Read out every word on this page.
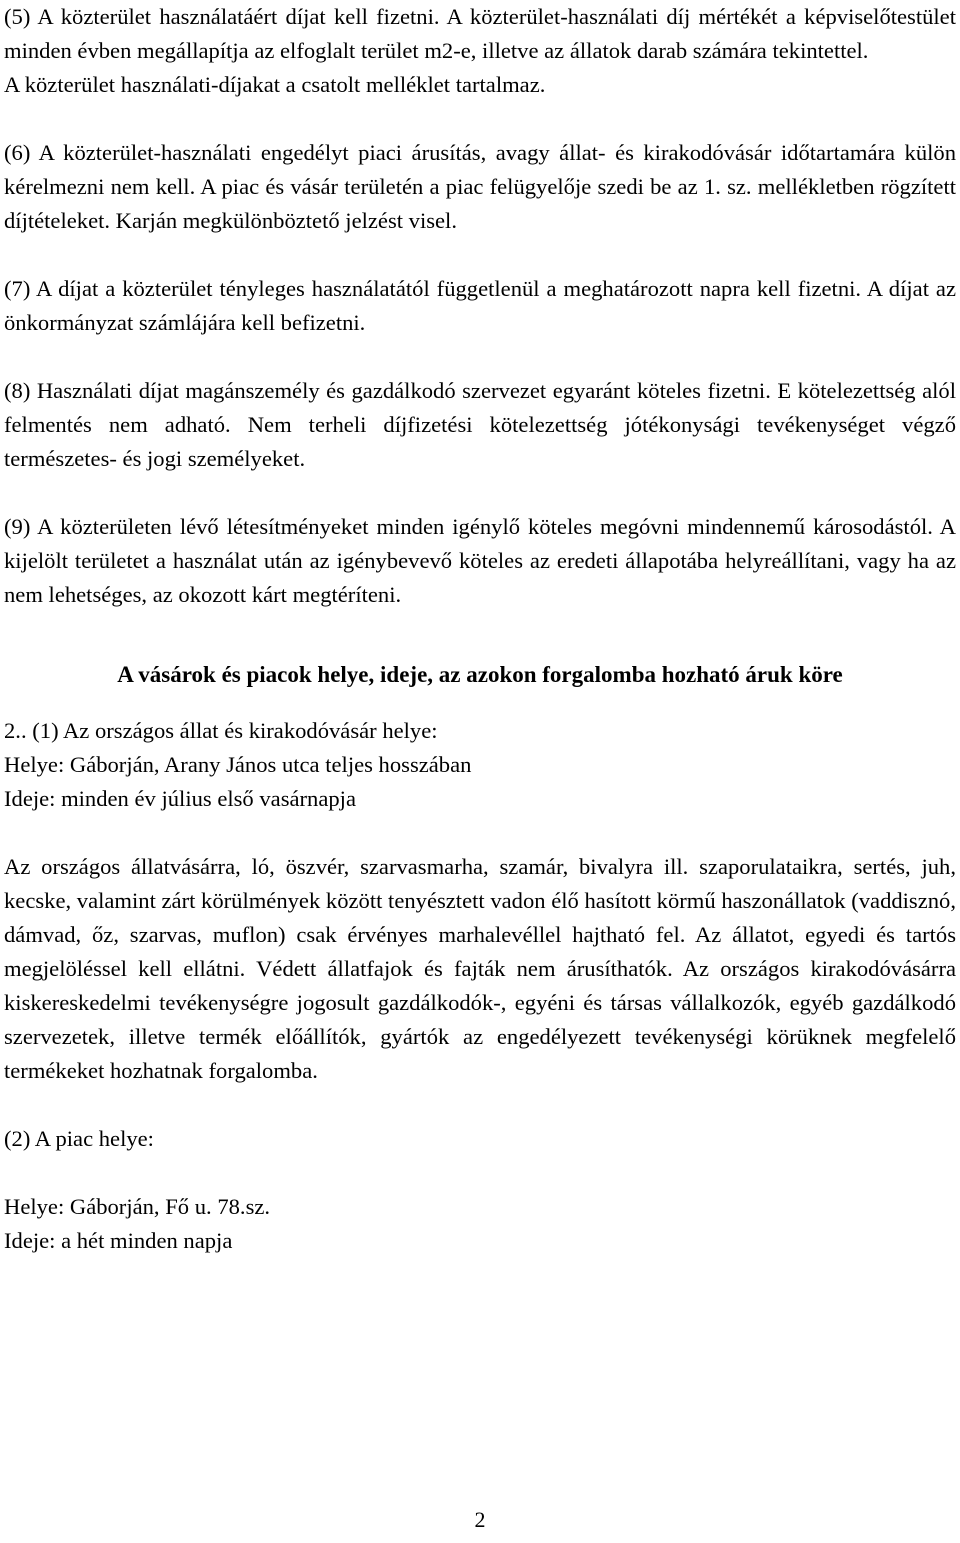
(5) A közterület használatáért díjat kell fizetni. A közterület-használati díj mértékét a képviselőtestület minden évben megállapítja az elfoglalt terület m2-e, illetve az állatok darab számára tekintettel.

A közterület használati-díjakat a csatolt melléklet tartalmaz.

(6) A közterület-használati engedélyt piaci árusítás, avagy állat- és kirakodóvásár időtartamára külön kérelmezni nem kell. A piac és vásár területén a piac felügyelője szedi be az 1. sz. mellékletben rögzített díjtételeket. Karján megkülönböztető jelzést visel.

(7) A díjat a közterület tényleges használatától függetlenül a meghatározott napra kell fizetni. A díjat az önkormányzat számlájára kell befizetni.

(8) Használati díjat magánszemély és gazdálkodó szervezet egyaránt köteles fizetni. E kötelezettség alól felmentés nem adható. Nem terheli díjfizetési kötelezettség jótékonysági tevékenységet végző természetes- és jogi személyeket.

(9) A közterületen lévő létesítményeket minden igénylő köteles megóvni mindennemű károsodástól. A kijelölt területet a használat után az igénybevevő köteles az eredeti állapotába helyreállítani, vagy ha az nem lehetséges, az okozott kárt megtéríteni.

A vásárok és piacok helye, ideje, az azokon forgalomba hozható áruk köre

2.. (1) Az országos állat és kirakodóvásár helye:

Helye: Gáborján, Arany János utca teljes hosszában

Ideje: minden év július első vasárnapja

Az országos állatvásárra, ló, öszvér, szarvasmarha, szamár, bivalyra ill. szaporulataikra, sertés, juh, kecske, valamint zárt körülmények között tenyésztett vadon élő hasított körmű haszonállatok (vaddisznó, dámvad, őz, szarvas, muflon) csak érvényes marhalevéllel hajtható fel. Az állatot, egyedi és tartós megjelöléssel kell ellátni. Védett állatfajok és fajták nem árusíthatók. Az országos kirakodóvásárra kiskereskedelmi tevékenységre jogosult gazdálkodók-, egyéni és társas vállalkozók, egyéb gazdálkodó szervezetek, illetve termék előállítók, gyártók az engedélyezett tevékenységi körüknek megfelelő termékeket hozhatnak forgalomba.

(2) A piac helye:

Helye: Gáborján, Fő u. 78.sz.

Ideje: a hét minden napja

2
